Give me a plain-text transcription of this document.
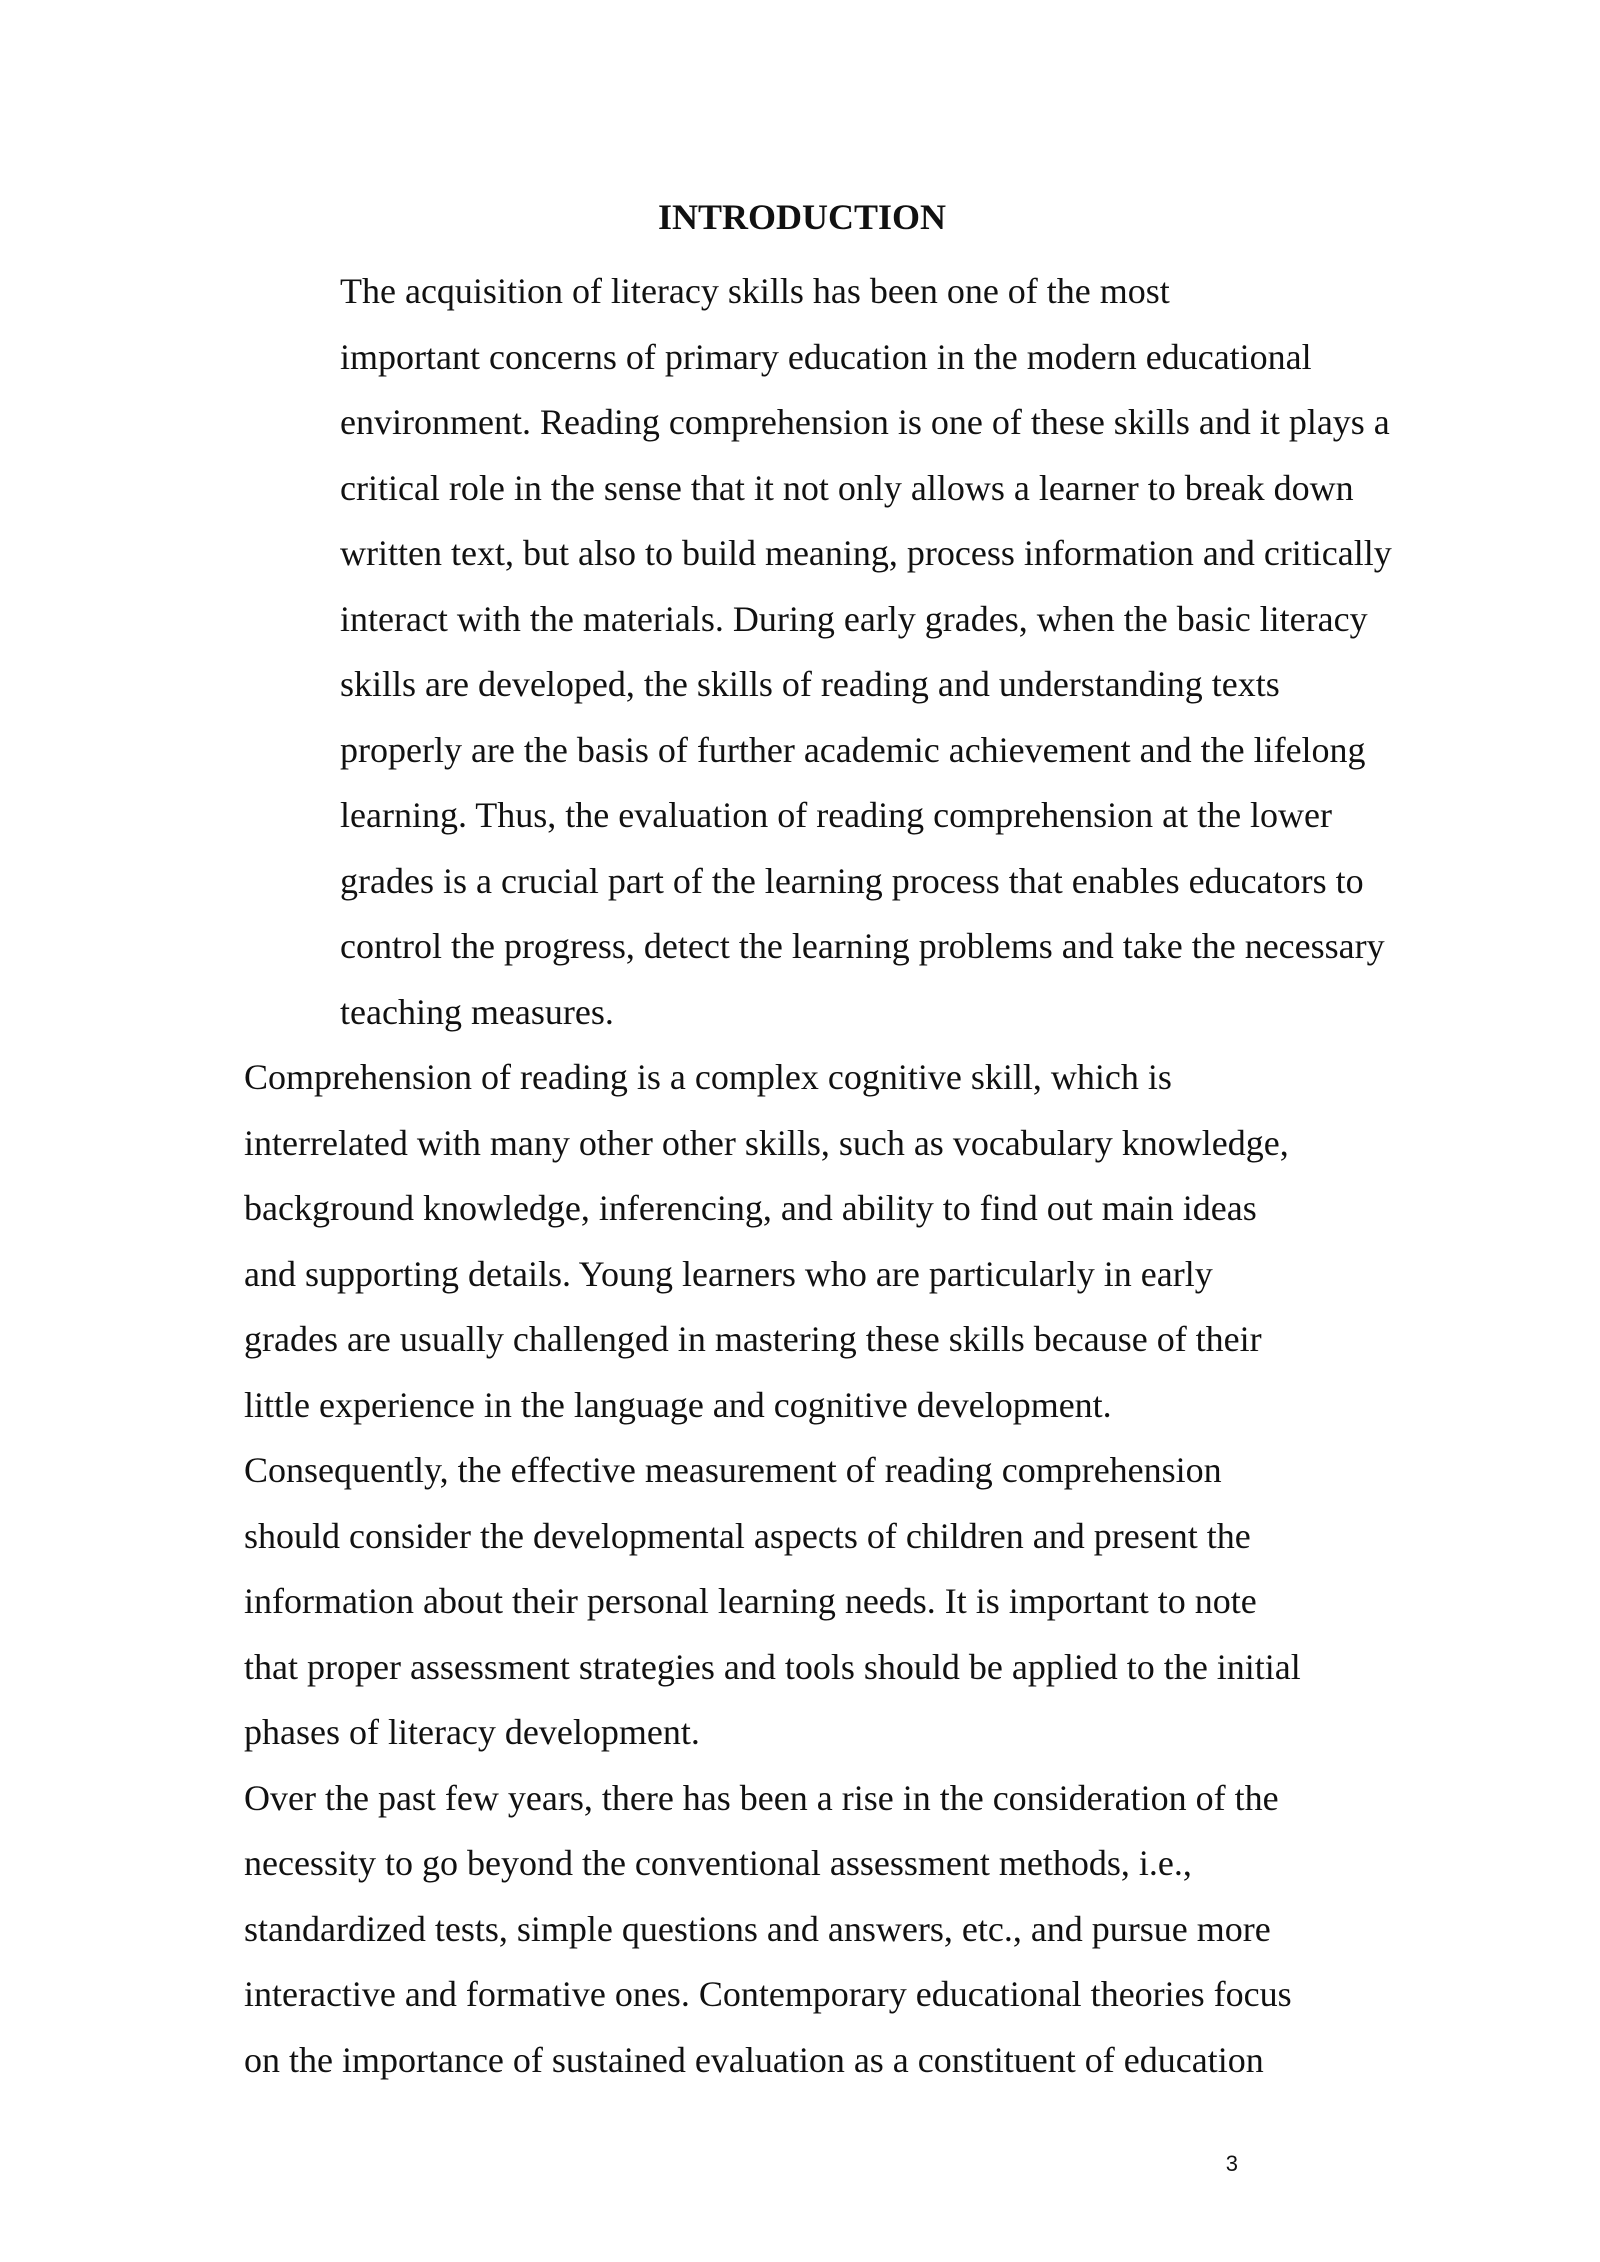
INTRODUCTION

The acquisition of literacy skills has been one of the most
important concerns of primary education in the modern educational
environment. Reading comprehension is one of these skills and it plays a
critical role in the sense that it not only allows a learner to break down
written text, but also to build meaning, process information and critically
interact with the materials. During early grades, when the basic literacy
skills are developed, the skills of reading and understanding texts
properly are the basis of further academic achievement and the lifelong
learning. Thus, the evaluation of reading comprehension at the lower
grades is a crucial part of the learning process that enables educators to
control the progress, detect the learning problems and take the necessary
teaching measures.

Comprehension of reading is a complex cognitive skill, which is
interrelated with many other other skills, such as vocabulary knowledge,
background knowledge, inferencing, and ability to find out main ideas
and supporting details. Young learners who are particularly in early
grades are usually challenged in mastering these skills because of their
little experience in the language and cognitive development.
Consequently, the effective measurement of reading comprehension
should consider the developmental aspects of children and present the
information about their personal learning needs. It is important to note
that proper assessment strategies and tools should be applied to the initial
phases of literacy development.

Over the past few years, there has been a rise in the consideration of the
necessity to go beyond the conventional assessment methods, i.e.,
standardized tests, simple questions and answers, etc., and pursue more
interactive and formative ones. Contemporary educational theories focus
on the importance of sustained evaluation as a constituent of education

3
